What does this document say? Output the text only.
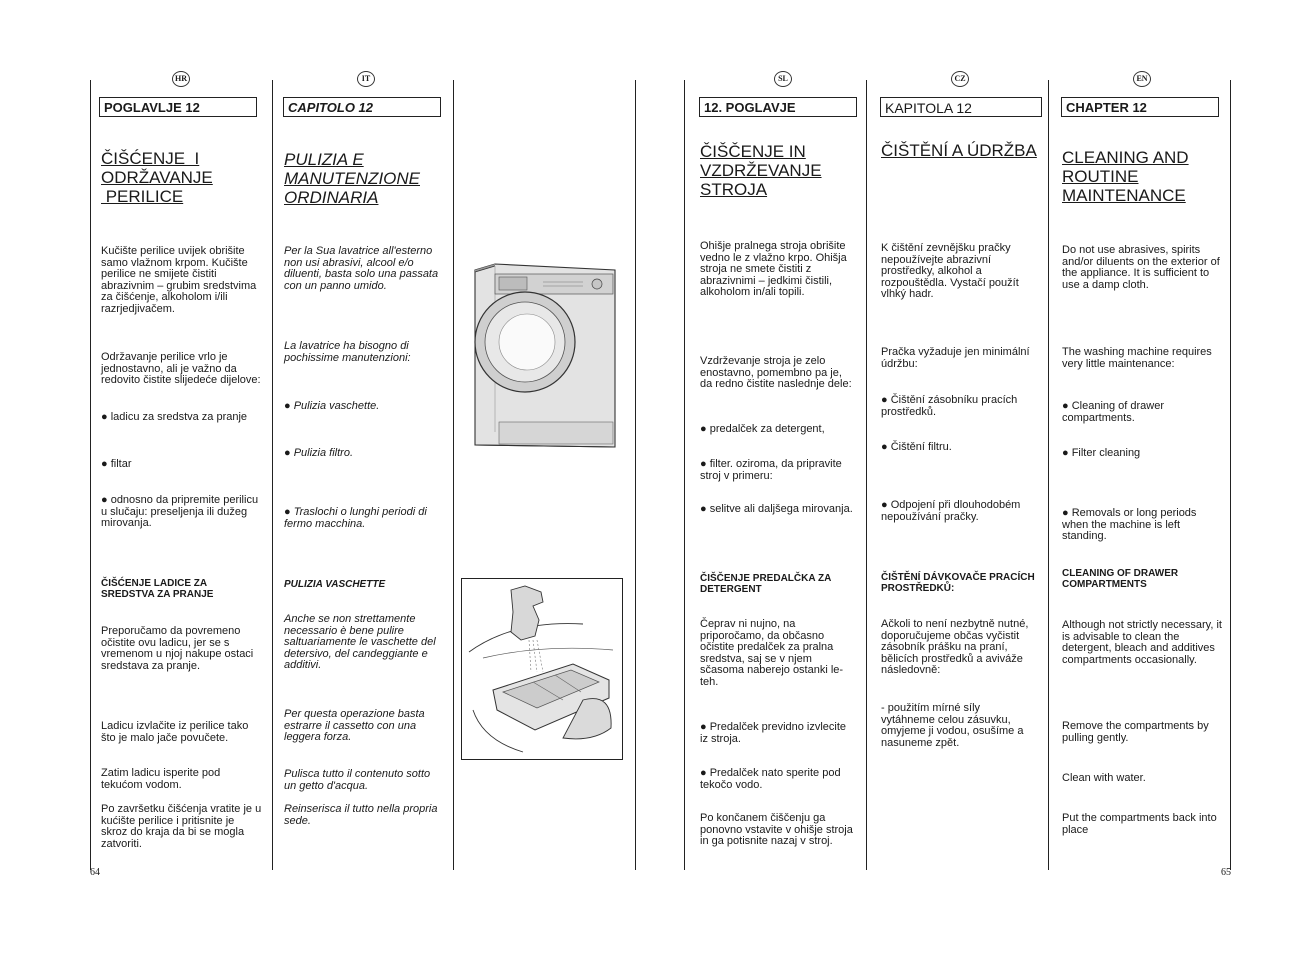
HR
POGLAVLJE 12
ČIŠĆENJE  I
ODRŽAVANJE
PERILICE
Kučište perilice uvijek obrišite samo vlažnom krpom. Kučište perilice ne smijete čistiti abrazivnim – grubim sredstvima za čišćenje, alkoholom i/ili razrjedjivačem.
Održavanje perilice vrlo je jednostavno, ali je važno da redovito čistite slijedeće dijelove:
● ladicu za sredstva za pranje
● filtar
● odnosno da pripremite perilicu u slučaju: preseljenja ili dužeg mirovanja.
ČIŠĆENJE LADICE ZA SREDSTVA ZA PRANJE
Preporučamo da povremeno očistite ovu ladicu, jer se s vremenom u njoj nakupe ostaci sredstava za pranje.
Ladicu izvlačite iz perilice tako što je malo jače povučete.
Zatim ladicu isperite pod tekućom vodom.
Po završetku čišćenja vratite je u kućište perilice i pritisnite je skroz do kraja da bi se mogla zatvoriti.
IT
CAPITOLO 12
PULIZIA E
MANUTENZIONE
ORDINARIA
Per la Sua lavatrice all'esterno non usi abrasivi, alcool e/o diluenti, basta solo una passata con un panno umido.
La lavatrice ha bisogno di pochissime manutenzioni:
● Pulizia vaschette.
● Pulizia filtro.
● Traslochi o lunghi periodi di fermo macchina.
PULIZIA VASCHETTE
Anche se non strettamente necessario è bene pulire saltuariamente le vaschette del detersivo, del candeggiante e additivi.
Per questa operazione basta estrarre il cassetto con una leggera forza.
Pulisca tutto il contenuto sotto un getto d'acqua.
Reinserisca il tutto nella propria sede.
SL
12. POGLAVJE
ČIŠČENJE IN
VZDRŽEVANJE
STROJA
Ohišje pralnega stroja obrišite vedno le z vlažno krpo. Ohišja stroja ne smete čistiti z abrazivnimi – jedkimi čistili, alkoholom in/ali topili.
Vzdrževanje stroja je zelo enostavno, pomembno pa je, da redno čistite naslednje dele:
● predalček za detergent,
● filter. oziroma, da pripravite stroj v primeru:
● selitve ali daljšega mirovanja.
ČIŠČENJE PREDALČKA ZA DETERGENT
Čeprav ni nujno, na priporočamo, da občasno očistite predalček za pralna sredstva, saj se v njem sčasoma naberejo ostanki le-teh.
● Predalček previdno izvlecite iz stroja.
● Predalček nato sperite pod tekočo vodo.
Po končanem čiščenju ga ponovno vstavite v ohišje stroja in ga potisnite nazaj v stroj.
CZ
KAPITOLA 12
ČIŠTĚNÍ A ÚDRŽBA
K čištění zevnějšku pračky nepoužívejte abrazivní prostředky, alkohol a rozpouštědla. Vystačí použít vlhký hadr.
Pračka vyžaduje jen minimální údržbu:
● Čištění zásobníku pracích prostředků.
● Čištění filtru.
● Odpojení při dlouhodobém nepoužívání pračky.
ČIŠTĚNÍ DÁVKOVAČE PRACÍCH PROSTŘEDKŮ:
Ačkoli to není nezbytně nutné, doporučujeme občas vyčistit zásobník prášku na praní, bělicích prostředků a aviváže následovně:
- použitím mírné síly vytáhneme celou zásuvku, omyjeme ji vodou, osušíme a nasuneme zpět.
EN
CHAPTER 12
CLEANING AND
ROUTINE
MAINTENANCE
Do not use abrasives, spirits and/or diluents on the exterior of the appliance. It is sufficient to use a damp cloth.
The washing machine requires very little maintenance:
● Cleaning of drawer compartments.
● Filter cleaning
● Removals or long periods when the machine is left standing.
CLEANING OF DRAWER COMPARTMENTS
Although not strictly necessary, it is advisable to clean the detergent, bleach and additives compartments occasionally.
Remove the compartments by pulling gently.
Clean with water.
Put the compartments back into place
64	65
